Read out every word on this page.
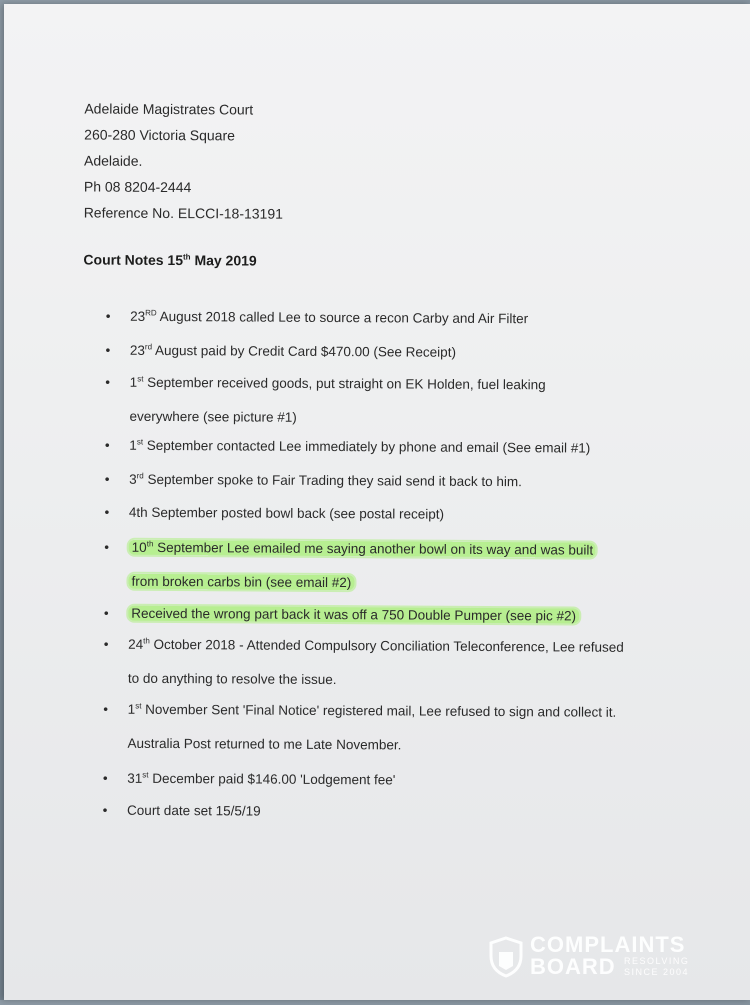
Adelaide Magistrates Court
260-280 Victoria Square
Adelaide.
Ph 08 8204-2444
Reference No. ELCCI-18-13191
Court Notes 15th May 2019
• 23RD August 2018 called Lee to source a recon Carby and Air Filter
• 23rd August paid by Credit Card $470.00 (See Receipt)
• 1st September received goods, put straight on EK Holden, fuel leaking everywhere (see picture #1)
• 1st September contacted Lee immediately by phone and email (See email #1)
• 3rd September spoke to Fair Trading they said send it back to him.
• 4th September posted bowl back (see postal receipt)
• 10th September Lee emailed me saying another bowl on its way and was built from broken carbs bin (see email #2)
• Received the wrong part back it was off a 750 Double Pumper (see pic #2)
• 24th October 2018 - Attended Compulsory Conciliation Teleconference, Lee refused to do anything to resolve the issue.
• 1st November Sent 'Final Notice' registered mail, Lee refused to sign and collect it. Australia Post returned to me Late November.
• 31st December paid $146.00 'Lodgement fee'
• Court date set 15/5/19
COMPLAINTS
BOARD RESOLVING
SINCE 2004
